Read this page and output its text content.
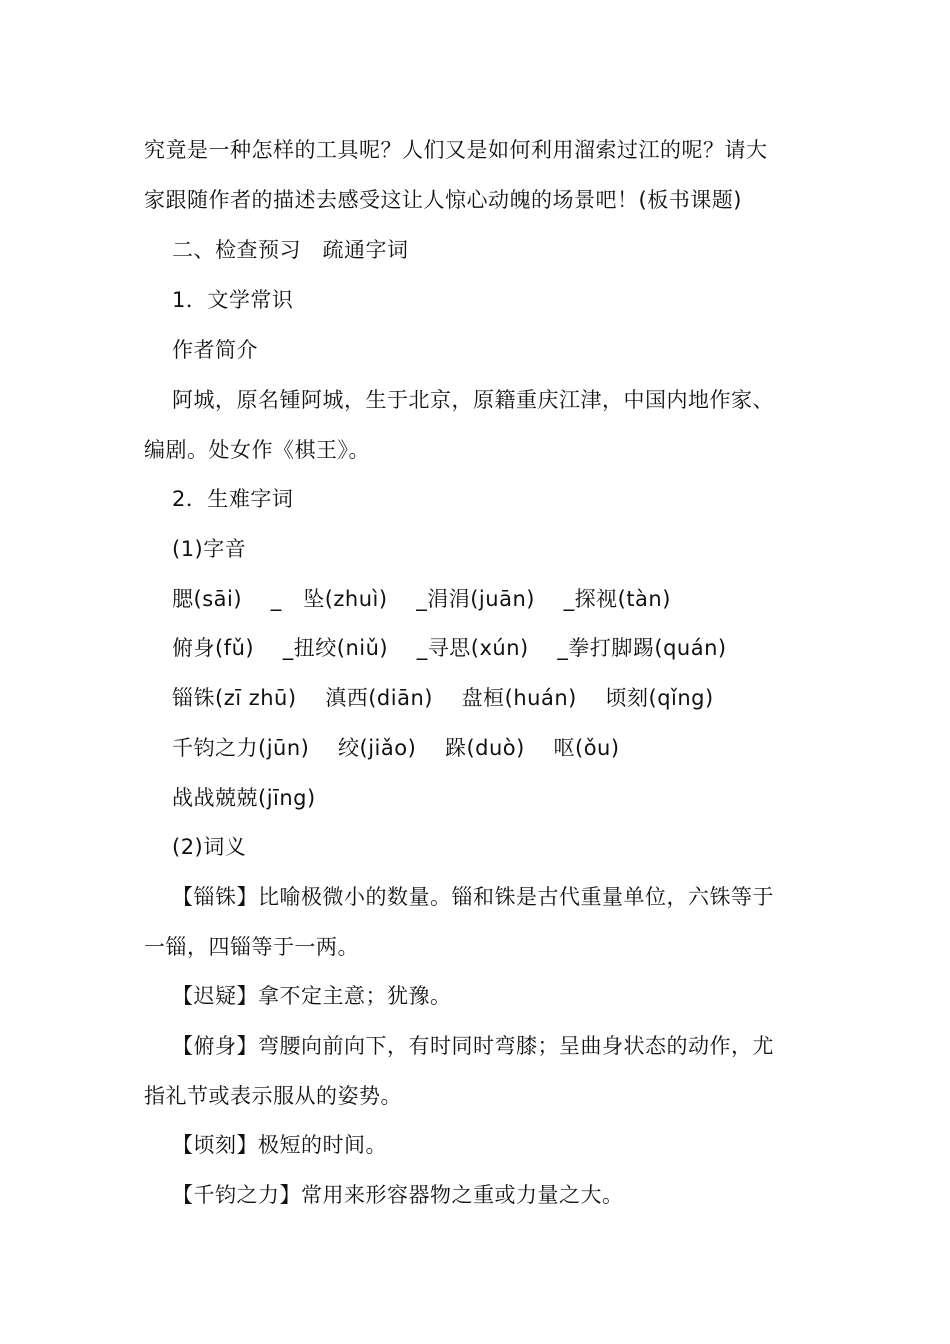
究竟是一种怎样的工具呢？人们又是如何利用溜索过江的呢？请大
家跟随作者的描述去感受这让人惊心动魄的场景吧！(板书课题)
二、检查预习　疏通字词
1．文学常识
作者简介
阿城，原名锺阿城，生于北京，原籍重庆江津，中国内地作家、
编剧。处女作《棋王》。
2．生难字词
(1)字音
腮(sāi)　 _　坠(zhuì)　 _涓涓(juān)　 _探视(tàn)
俯身(fǔ)　 _扭绞(niǔ)　 _寻思(xún)　 _拳打脚踢(quán)
锱铢(zī zhū)　 滇西(diān)　 盘桓(huán)　 顷刻(qǐng)
千钧之力(jūn)　 绞(jiǎo)　 跺(duò)　 呕(ǒu)
战战兢兢(jīng)
(2)词义
【锱铢】比喻极微小的数量。锱和铢是古代重量单位，六铢等于
一锱，四锱等于一两。
【迟疑】拿不定主意；犹豫。
【俯身】弯腰向前向下，有时同时弯膝；呈曲身状态的动作，尤
指礼节或表示服从的姿势。
【顷刻】极短的时间。
【千钧之力】常用来形容器物之重或力量之大。
